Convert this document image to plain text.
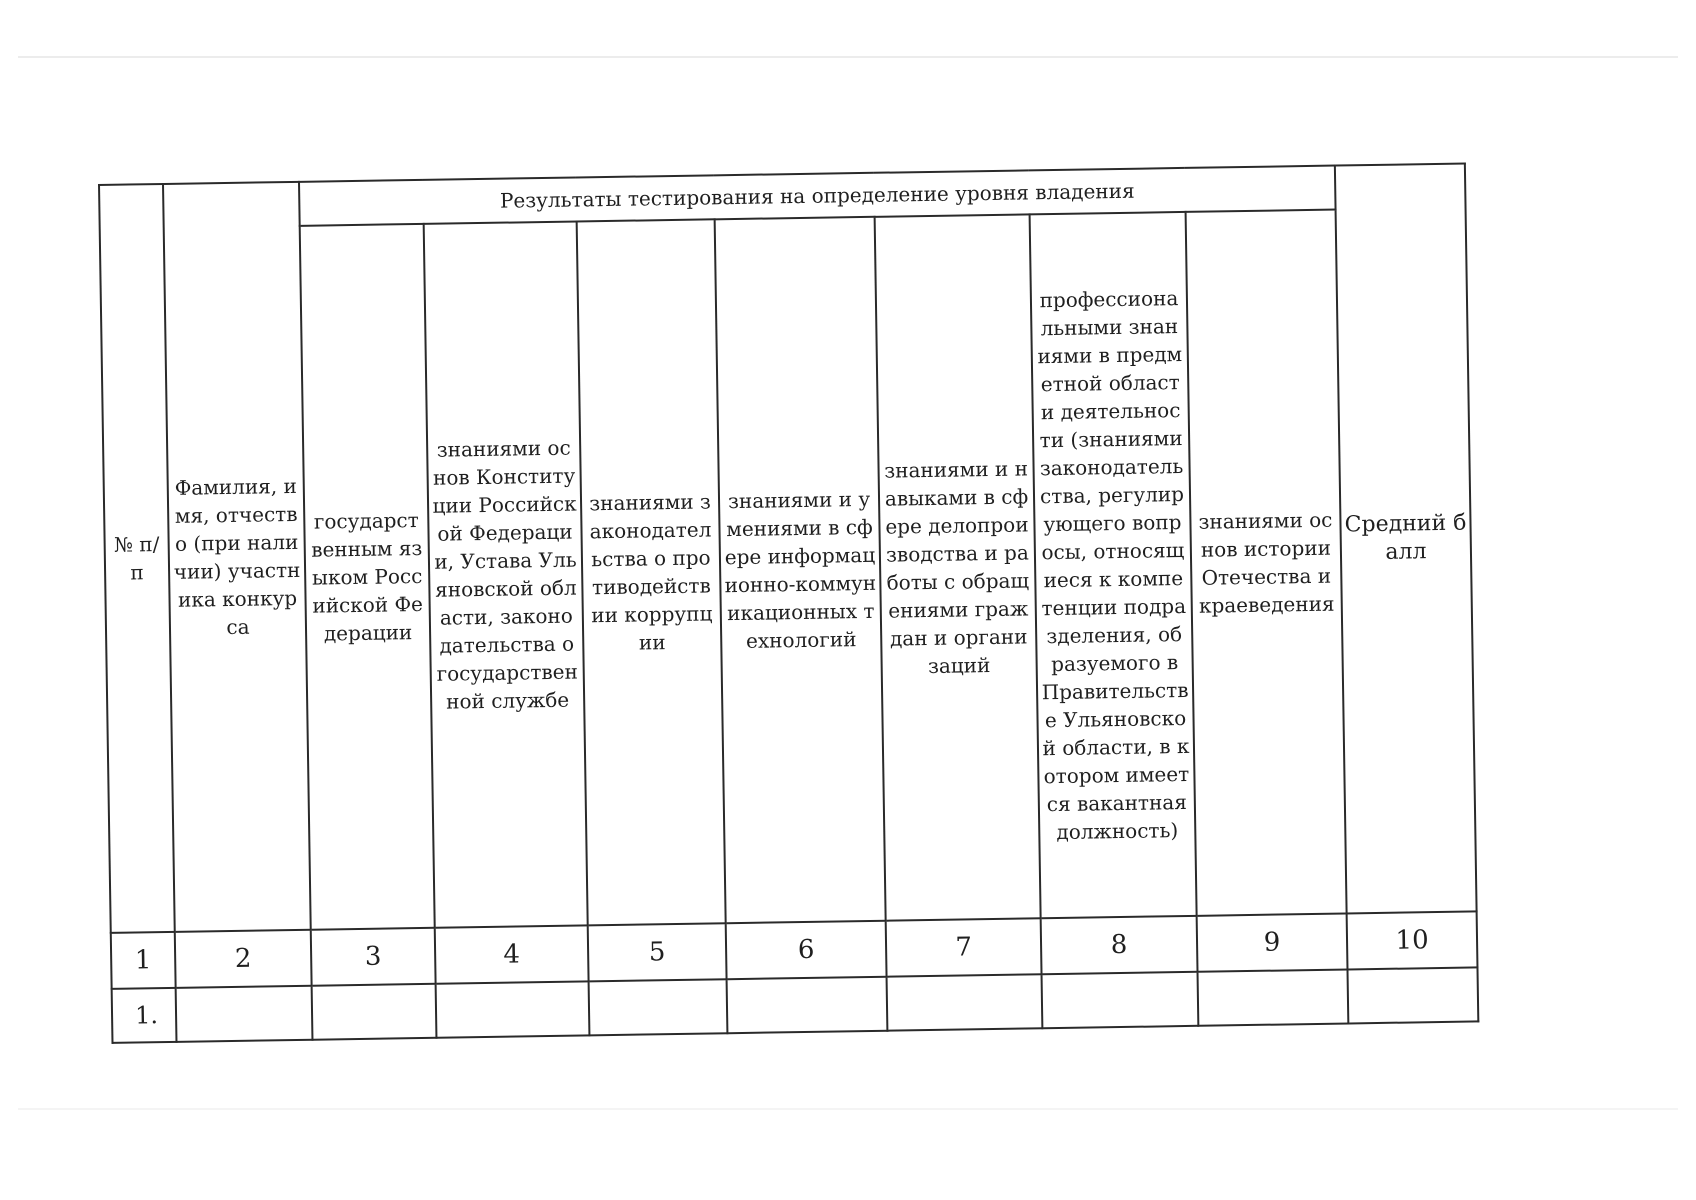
№ п/п	Фамилия, имя, отчество (при наличии) участника конкурса	Результаты тестирования на определение уровня владения							Средний балл
		государственным языком Российской Федерации	знаниями основ Конституции Российской Федерации, Устава Ульяновской области, законодательства о государственной службе	знаниями законодательства о противодействии коррупции	знаниями и умениями в сфере информационно-коммуникационных технологий	знаниями и навыками в сфере делопроизводства и работы с обращениями граждан и организаций	профессиональными знаниями в предметной области деятельности (знаниями законодательства, регулирующего вопросы, относящиеся к компетенции подразделения, образуемого в Правительстве Ульяновской области, в котором имеется вакантная должность)	знаниями основ истории Отечества и краеведения	
1	2	3	4	5	6	7	8	9	10
1.									
